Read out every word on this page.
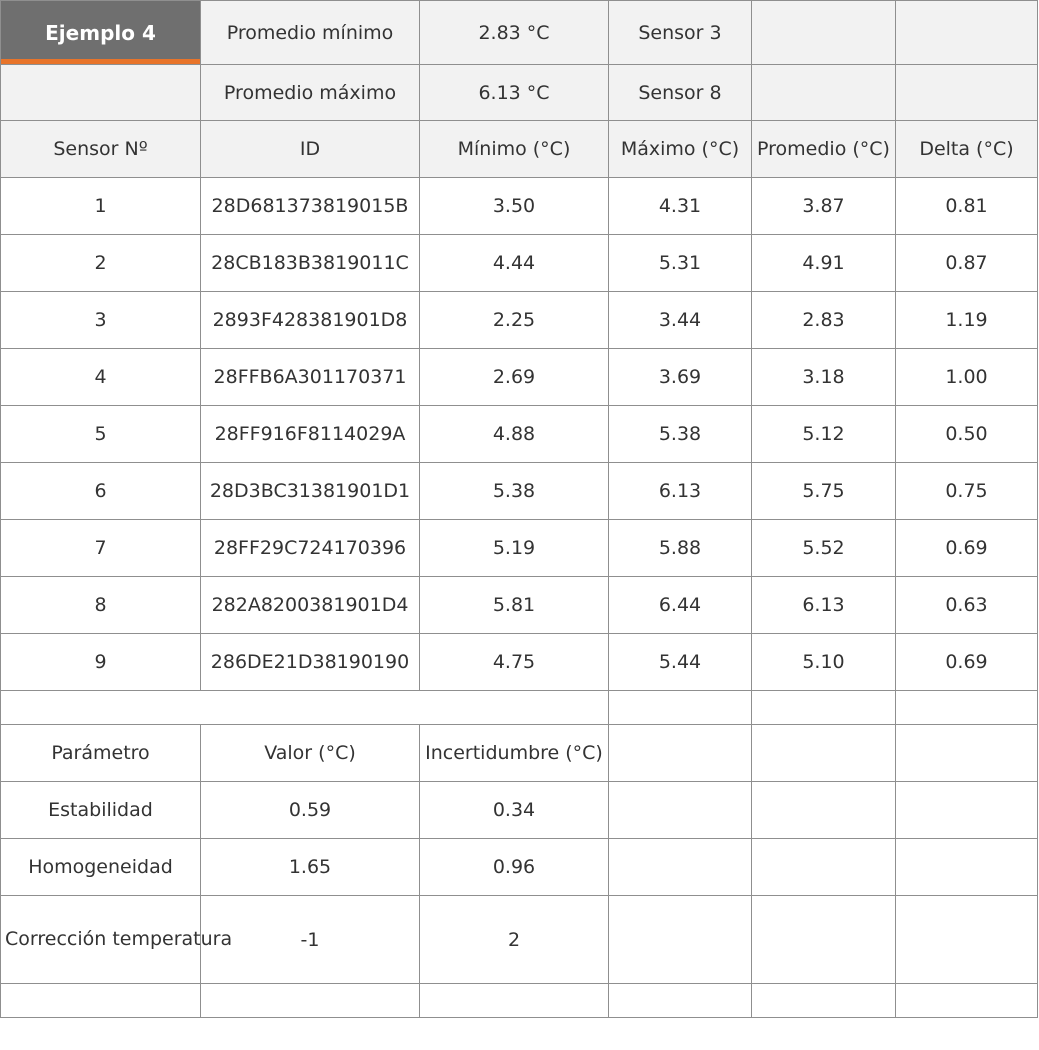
Ejemplo 4	Promedio mínimo	2.83 °C	Sensor 3		
	Promedio máximo	6.13 °C	Sensor 8		
Sensor Nº	ID	Mínimo (°C)	Máximo (°C)	Promedio (°C)	Delta (°C)
1	28D681373819015B	3.50	4.31	3.87	0.81
2	28CB183B3819011C	4.44	5.31	4.91	0.87
3	2893F428381901D8	2.25	3.44	2.83	1.19
4	28FFB6A301170371	2.69	3.69	3.18	1.00
5	28FF916F8114029A	4.88	5.38	5.12	0.50
6	28D3BC31381901D1	5.38	6.13	5.75	0.75
7	28FF29C724170396	5.19	5.88	5.52	0.69
8	282A8200381901D4	5.81	6.44	6.13	0.63
9	286DE21D38190190	4.75	5.44	5.10	0.69

Parámetro	Valor (°C)	Incertidumbre (°C)			
Estabilidad	0.59	0.34			
Homogeneidad	1.65	0.96			
Corrección temperatura	-1	2			
